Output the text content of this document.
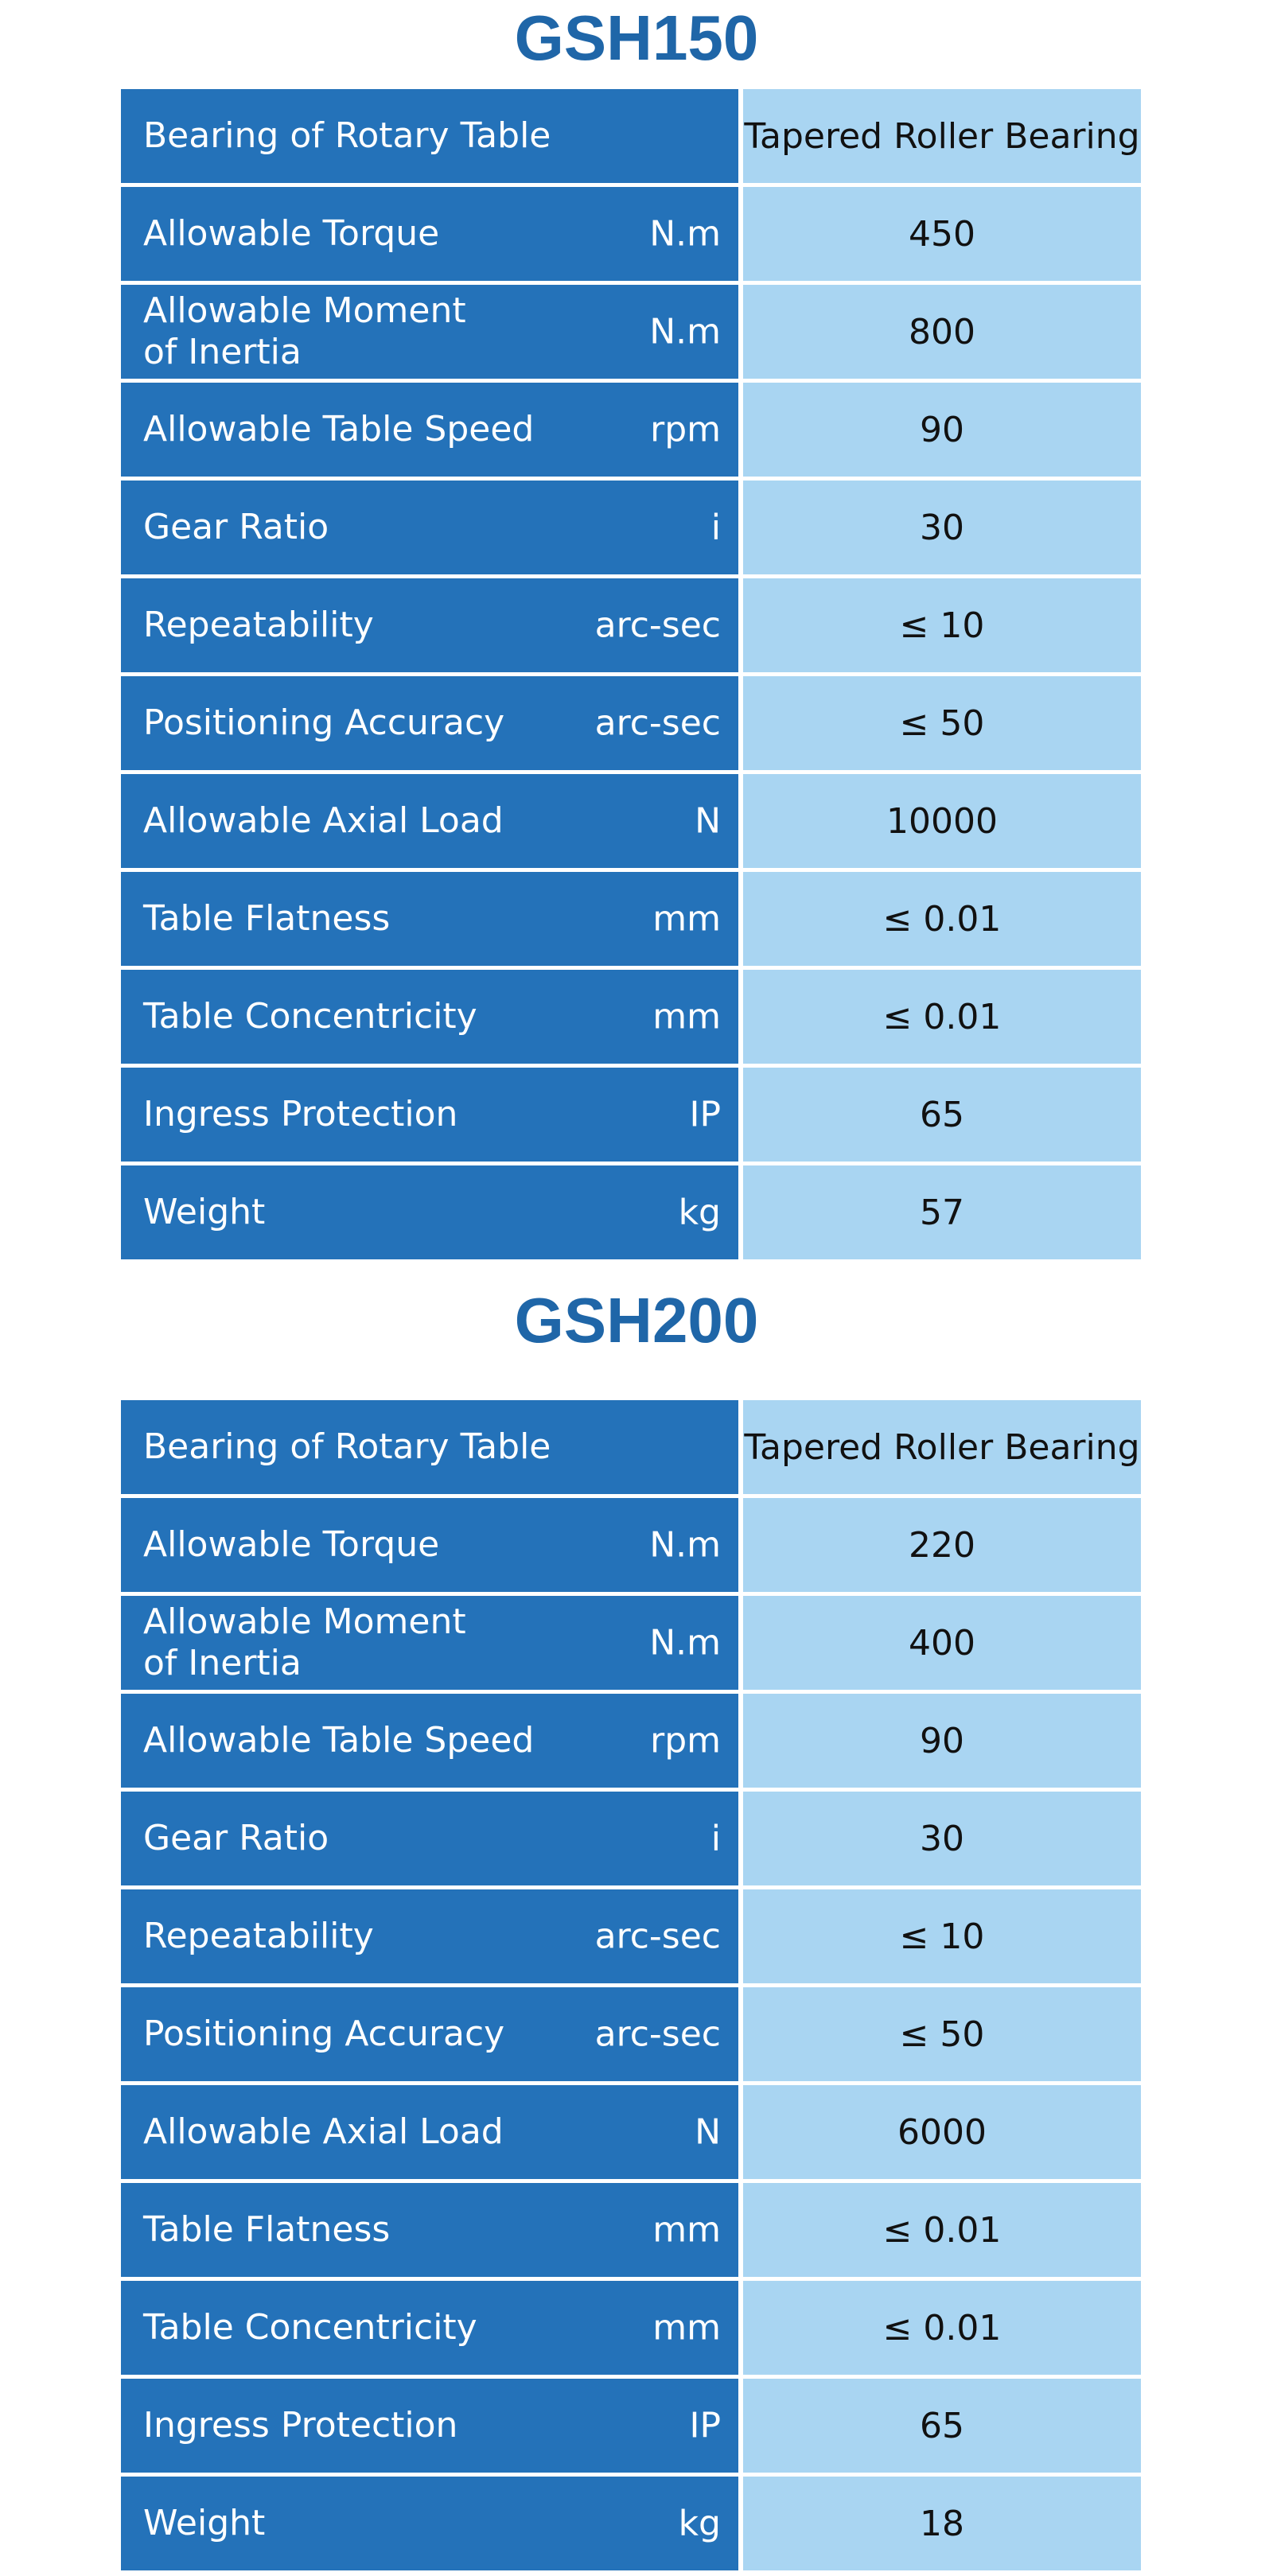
GSH150
Bearing of Rotary Table	Tapered Roller Bearing
Allowable Torque	N.m	450
Allowable Moment
of Inertia	N.m	800
Allowable Table Speed	rpm	90
Gear Ratio	i	30
Repeatability	arc-sec	≤ 10
Positioning Accuracy	arc-sec	≤ 50
Allowable Axial Load	N	10000
Table Flatness	mm	≤ 0.01
Table Concentricity	mm	≤ 0.01
Ingress Protection	IP	65
Weight	kg	57
GSH200
Bearing of Rotary Table	Tapered Roller Bearing
Allowable Torque	N.m	220
Allowable Moment
of Inertia	N.m	400
Allowable Table Speed	rpm	90
Gear Ratio	i	30
Repeatability	arc-sec	≤ 10
Positioning Accuracy	arc-sec	≤ 50
Allowable Axial Load	N	6000
Table Flatness	mm	≤ 0.01
Table Concentricity	mm	≤ 0.01
Ingress Protection	IP	65
Weight	kg	18
